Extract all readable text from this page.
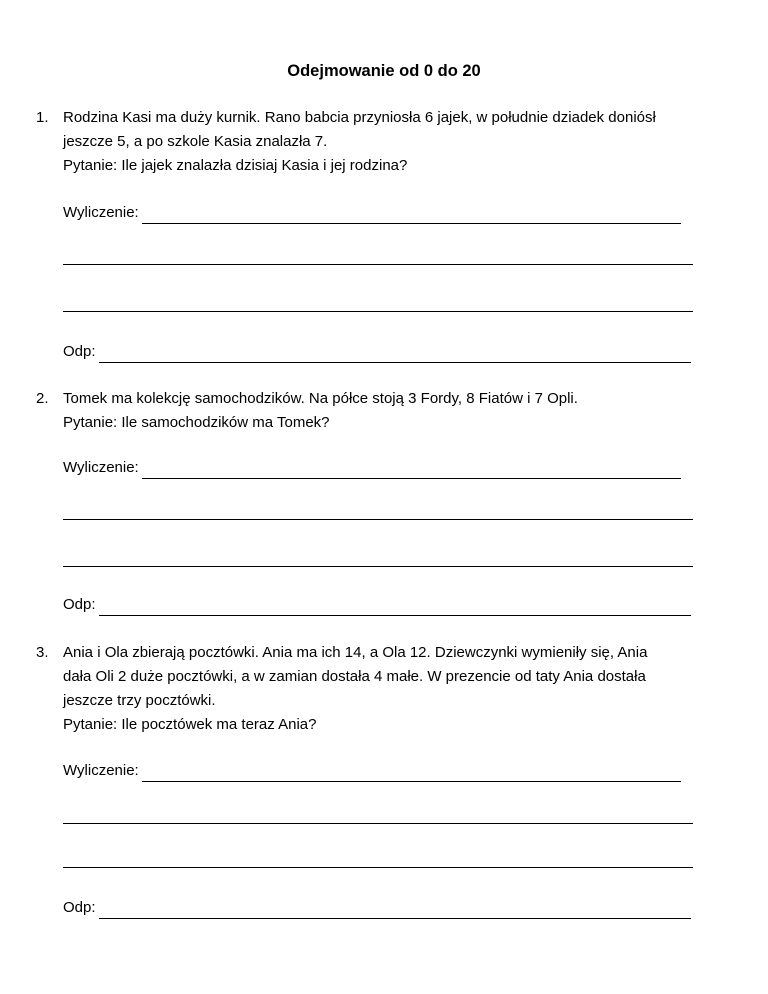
Odejmowanie od 0 do 20
1. Rodzina Kasi ma duży kurnik. Rano babcia przyniosła 6 jajek, w południe dziadek doniósł

jeszcze 5, a po szkole Kasia znalazła 7.

Pytanie: Ile jajek znalazła dzisiaj Kasia i jej rodzina?

Wyliczenie:
Odp:
2. Tomek ma kolekcję samochodzików. Na półce stoją 3 Fordy, 8 Fiatów i 7 Opli.

Pytanie: Ile samochodzików ma Tomek?

Wyliczenie:
Odp:
3. Ania i Ola zbierają pocztówki. Ania ma ich 14, a Ola 12. Dziewczynki wymieniły się, Ania

dała Oli 2 duże pocztówki, a w zamian dostała 4 małe. W prezencie od taty Ania dostała

jeszcze trzy pocztówki.

Pytanie: Ile pocztówek ma teraz Ania?

Wyliczenie:
Odp:
